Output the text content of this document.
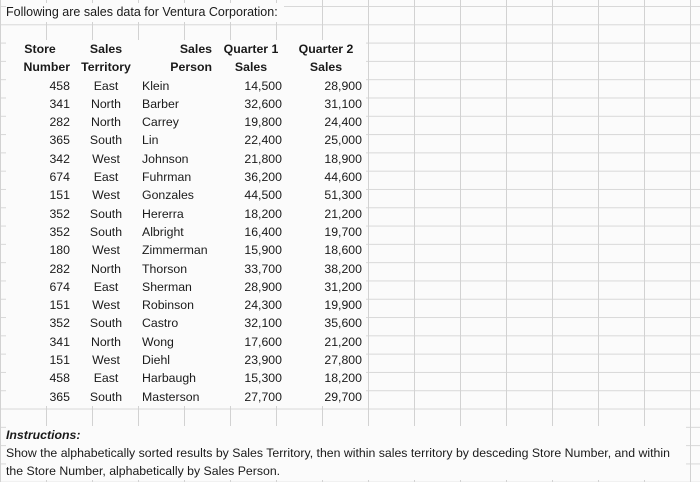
Following are sales data for Ventura Corporation:
Store	Sales	Sales	Quarter 1	Quarter 2
Number	Territory	Person	Sales	Sales
458	East	Klein	14,500	28,900
341	North	Barber	32,600	31,100
282	North	Carrey	19,800	24,400
365	South	Lin	22,400	25,000
342	West	Johnson	21,800	18,900
674	East	Fuhrman	36,200	44,600
151	West	Gonzales	44,500	51,300
352	South	Hererra	18,200	21,200
352	South	Albright	16,400	19,700
180	West	Zimmerman	15,900	18,600
282	North	Thorson	33,700	38,200
674	East	Sherman	28,900	31,200
151	West	Robinson	24,300	19,900
352	South	Castro	32,100	35,600
341	North	Wong	17,600	21,200
151	West	Diehl	23,900	27,800
458	East	Harbaugh	15,300	18,200
365	South	Masterson	27,700	29,700
Instructions:
Show the alphabetically sorted results by Sales Territory, then within sales territory by desceding Store Number, and within the Store Number, alphabetically by Sales Person.
